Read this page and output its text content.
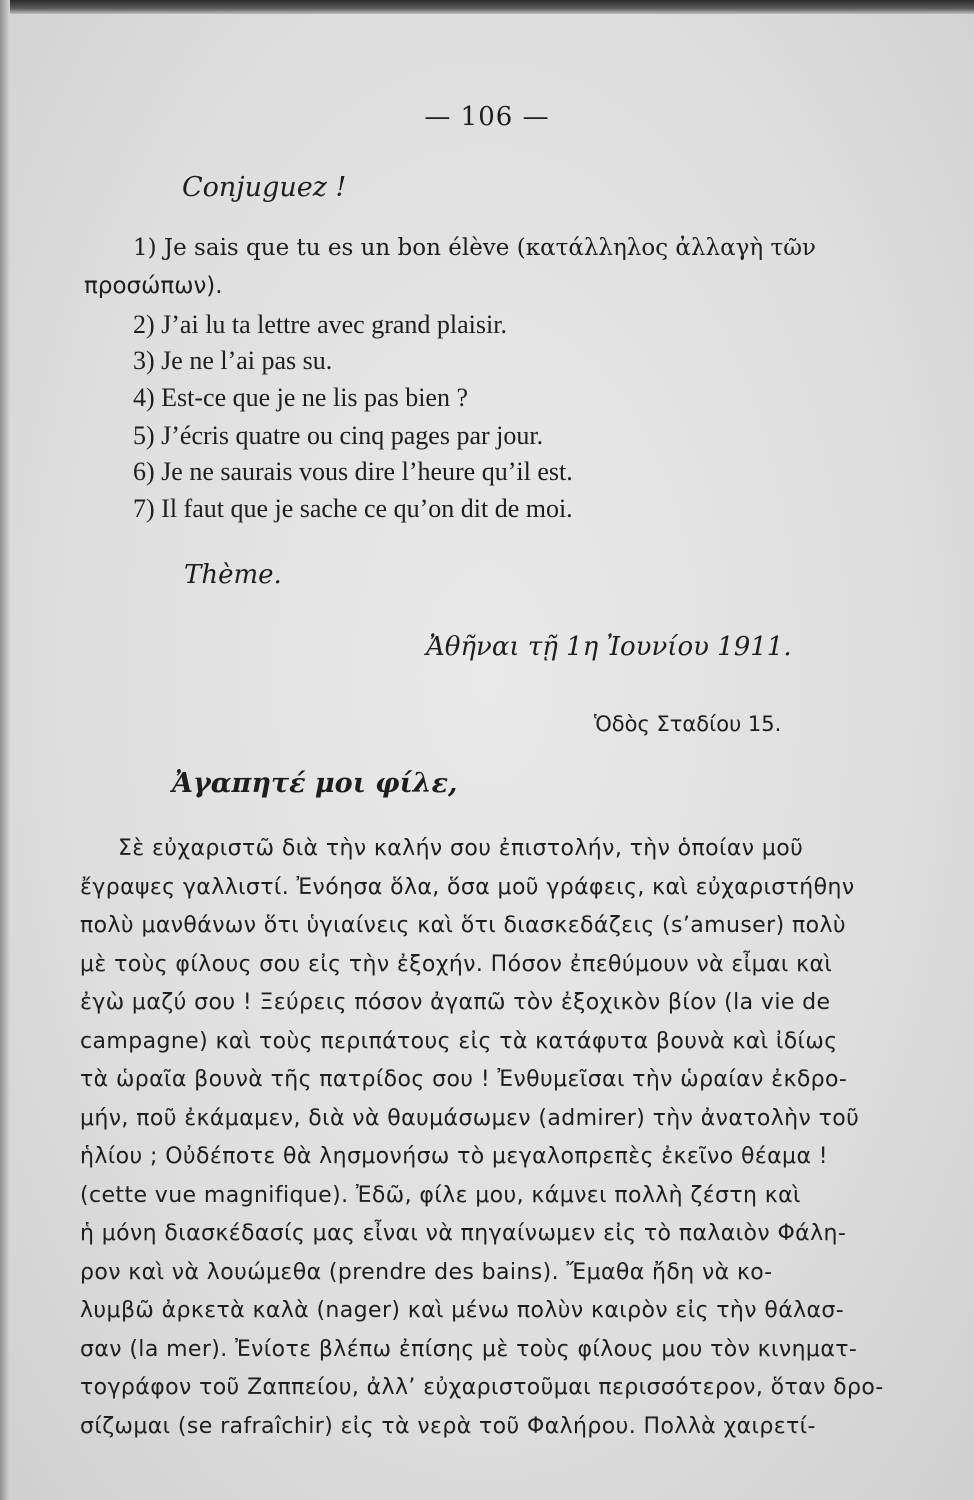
— 106 —
Conjuguez !
1) Je sais que tu es un bon élève (κατάλληλος ἀλλαγὴ τῶν
προσώπων).
2) J’ai lu ta lettre avec grand plaisir.
3) Je ne l’ai pas su.
4) Est-ce que je ne lis pas bien ?
5) J’écris quatre ou cinq pages par jour.
6) Je ne saurais vous dire l’heure qu’il est.
7) Il faut que je sache ce qu’on dit de moi.
Thème.
Ἀθῆναι τῇ 1η Ἰουνίου 1911.
Ὁδὸς Σταδίου 15.
Ἀγαπητέ μοι φίλε,
Σὲ εὐχαριστῶ διὰ τὴν καλήν σου ἐπιστολήν, τὴν ὁποίαν μοῦ
ἔγραψες γαλλιστί. Ἐνόησα ὅλα, ὅσα μοῦ γράφεις, καὶ εὐχαριστήθην
πολὺ μανθάνων ὅτι ὑγιαίνεις καὶ ὅτι διασκεδάζεις (s’amuser) πολὺ
μὲ τοὺς φίλους σου εἰς τὴν ἐξοχήν. Πόσον ἐπεθύμουν νὰ εἶμαι καὶ
ἐγὼ μαζύ σου ! Ξεύρεις πόσον ἀγαπῶ τὸν ἐξοχικὸν βίον (la vie de
campagne) καὶ τοὺς περιπάτους εἰς τὰ κατάφυτα βουνὰ καὶ ἰδίως
τὰ ὡραῖα βουνὰ τῆς πατρίδος σου ! Ἐνθυμεῖσαι τὴν ὡραίαν ἐκδρο-
μήν, ποῦ ἐκάμαμεν, διὰ νὰ θαυμάσωμεν (admirer) τὴν ἀνατολὴν τοῦ
ἡλίου ; Οὐδέποτε θὰ λησμονήσω τὸ μεγαλοπρεπὲς ἐκεῖνο θέαμα !
(cette vue magnifique). Ἐδῶ, φίλε μου, κάμνει πολλὴ ζέστη καὶ
ἡ μόνη διασκέδασίς μας εἶναι νὰ πηγαίνωμεν εἰς τὸ παλαιὸν Φάλη-
ρον καὶ νὰ λουώμεθα (prendre des bains). Ἔμαθα ἤδη νὰ κο-
λυμβῶ ἀρκετὰ καλὰ (nager) καὶ μένω πολὺν καιρὸν εἰς τὴν θάλασ-
σαν (la mer). Ἐνίοτε βλέπω ἐπίσης μὲ τοὺς φίλους μου τὸν κινηματ-
τογράφον τοῦ Ζαππείου, ἀλλ’ εὐχαριστοῦμαι περισσότερον, ὅταν δρο-
σίζωμαι (se rafraîchir) εἰς τὰ νερὰ τοῦ Φαλήρου. Πολλὰ χαιρετί-
